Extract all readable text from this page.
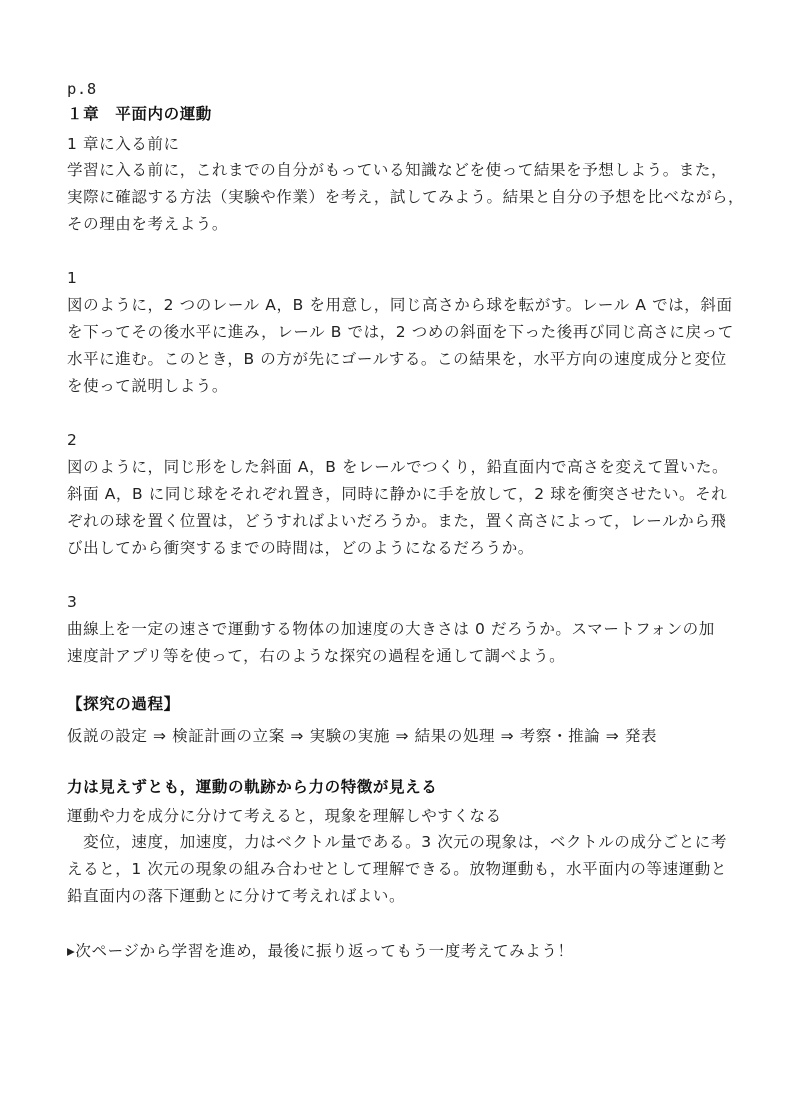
p.8
１章　平面内の運動
1 章に入る前に
学習に入る前に，これまでの自分がもっている知識などを使って結果を予想しよう。また，
実際に確認する方法（実験や作業）を考え，試してみよう。結果と自分の予想を比べながら，
その理由を考えよう。
1
図のように，2 つのレール A，B を用意し，同じ高さから球を転がす。レール A では，斜面
を下ってその後水平に進み，レール B では，2 つめの斜面を下った後再び同じ高さに戻って
水平に進む。このとき，B の方が先にゴールする。この結果を，水平方向の速度成分と変位
を使って説明しよう。
2
図のように，同じ形をした斜面 A，B をレールでつくり，鉛直面内で高さを変えて置いた。
斜面 A，B に同じ球をそれぞれ置き，同時に静かに手を放して，2 球を衝突させたい。それ
ぞれの球を置く位置は，どうすればよいだろうか。また，置く高さによって，レールから飛
び出してから衝突するまでの時間は，どのようになるだろうか。
3
曲線上を一定の速さで運動する物体の加速度の大きさは 0 だろうか。スマートフォンの加
速度計アプリ等を使って，右のような探究の過程を通して調べよう。
【探究の過程】
仮説の設定 ⇒ 検証計画の立案 ⇒ 実験の実施 ⇒ 結果の処理 ⇒ 考察・推論 ⇒ 発表
力は見えずとも，運動の軌跡から力の特徴が見える
運動や力を成分に分けて考えると，現象を理解しやすくなる
　変位，速度，加速度，力はベクトル量である。3 次元の現象は，ベクトルの成分ごとに考
えると，1 次元の現象の組み合わせとして理解できる。放物運動も，水平面内の等速運動と
鉛直面内の落下運動とに分けて考えればよい。
▸次ページから学習を進め，最後に振り返ってもう一度考えてみよう！
